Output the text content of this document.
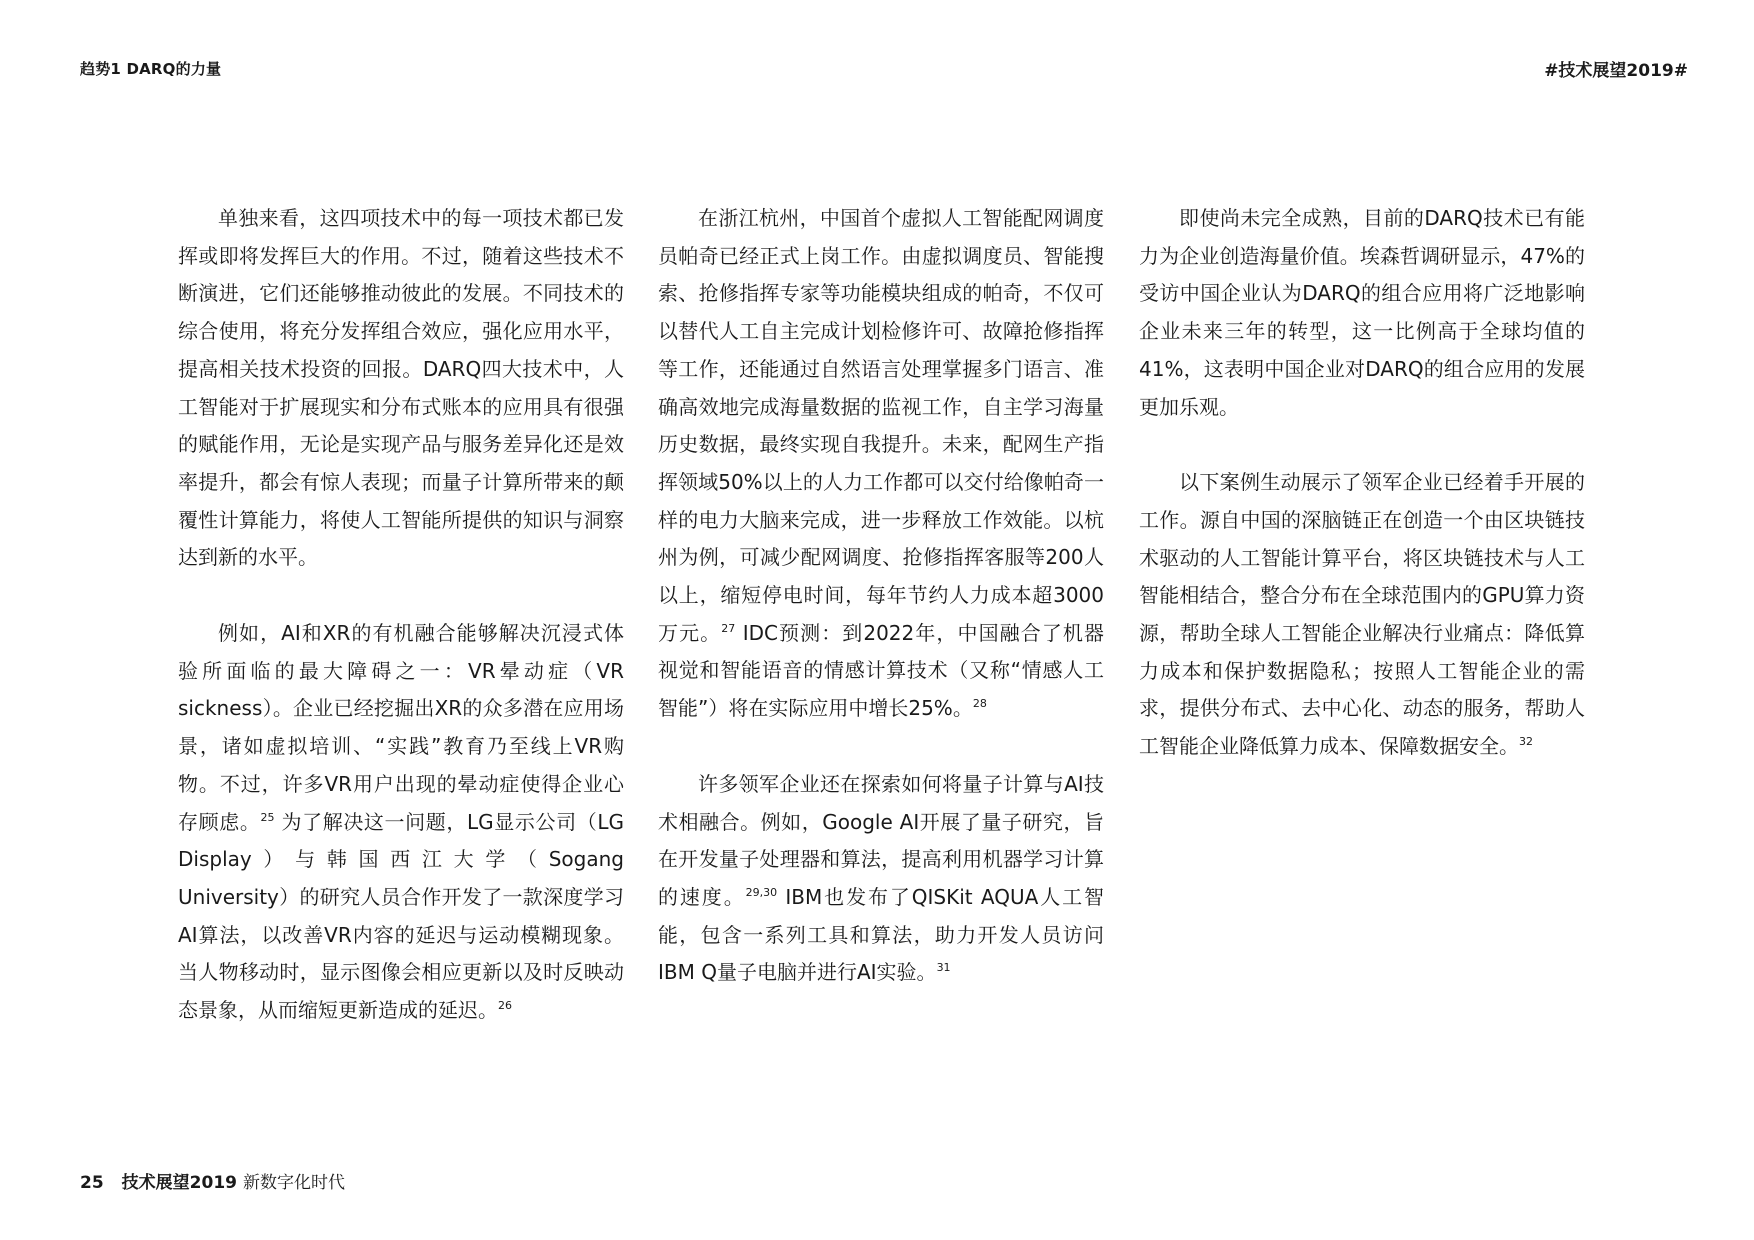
趋势1 DARQ的力量	#技术展望2019#

单独来看，这四项技术中的每一项技术都已发挥或即将发挥巨大的作用。不过，随着这些技术不断演进，它们还能够推动彼此的发展。不同技术的综合使用，将充分发挥组合效应，强化应用水平，提高相关技术投资的回报。DARQ四大技术中，人工智能对于扩展现实和分布式账本的应用具有很强的赋能作用，无论是实现产品与服务差异化还是效率提升，都会有惊人表现；而量子计算所带来的颠覆性计算能力，将使人工智能所提供的知识与洞察达到新的水平。

例如，AI和XR的有机融合能够解决沉浸式体验所面临的最大障碍之一：VR晕动症（VR sickness）。企业已经挖掘出XR的众多潜在应用场景，诸如虚拟培训、“实践”教育乃至线上VR购物。不过，许多VR用户出现的晕动症使得企业心存顾虑。$^{25}$ 为了解决这一问题，LG显示公司（LG Display）与韩国西江大学（Sogang University）的研究人员合作开发了一款深度学习AI算法，以改善VR内容的延迟与运动模糊现象。当人物移动时，显示图像会相应更新以及时反映动态景象，从而缩短更新造成的延迟。$^{26}$

在浙江杭州，中国首个虚拟人工智能配网调度员帕奇已经正式上岗工作。由虚拟调度员、智能搜索、抢修指挥专家等功能模块组成的帕奇，不仅可以替代人工自主完成计划检修许可、故障抢修指挥等工作，还能通过自然语言处理掌握多门语言、准确高效地完成海量数据的监视工作，自主学习海量历史数据，最终实现自我提升。未来，配网生产指挥领域50%以上的人力工作都可以交付给像帕奇一样的电力大脑来完成，进一步释放工作效能。以杭州为例，可减少配网调度、抢修指挥客服等200人以上，缩短停电时间，每年节约人力成本超3000万元。$^{27}$ IDC预测：到2022年，中国融合了机器视觉和智能语音的情感计算技术（又称“情感人工智能”）将在实际应用中增长25%。$^{28}$

许多领军企业还在探索如何将量子计算与AI技术相融合。例如，Google AI开展了量子研究，旨在开发量子处理器和算法，提高利用机器学习计算的速度。$^{29,30}$ IBM也发布了QISKit AQUA人工智能，包含一系列工具和算法，助力开发人员访问IBM Q量子电脑并进行AI实验。$^{31}$

即使尚未完全成熟，目前的DARQ技术已有能力为企业创造海量价值。埃森哲调研显示，47%的受访中国企业认为DARQ的组合应用将广泛地影响企业未来三年的转型，这一比例高于全球均值的41%，这表明中国企业对DARQ的组合应用的发展更加乐观。

以下案例生动展示了领军企业已经着手开展的工作。源自中国的深脑链正在创造一个由区块链技术驱动的人工智能计算平台，将区块链技术与人工智能相结合，整合分布在全球范围内的GPU算力资源，帮助全球人工智能企业解决行业痛点：降低算力成本和保护数据隐私；按照人工智能企业的需求，提供分布式、去中心化、动态的服务，帮助人工智能企业降低算力成本、保障数据安全。$^{32}$

25 技术展望2019 新数字化时代
